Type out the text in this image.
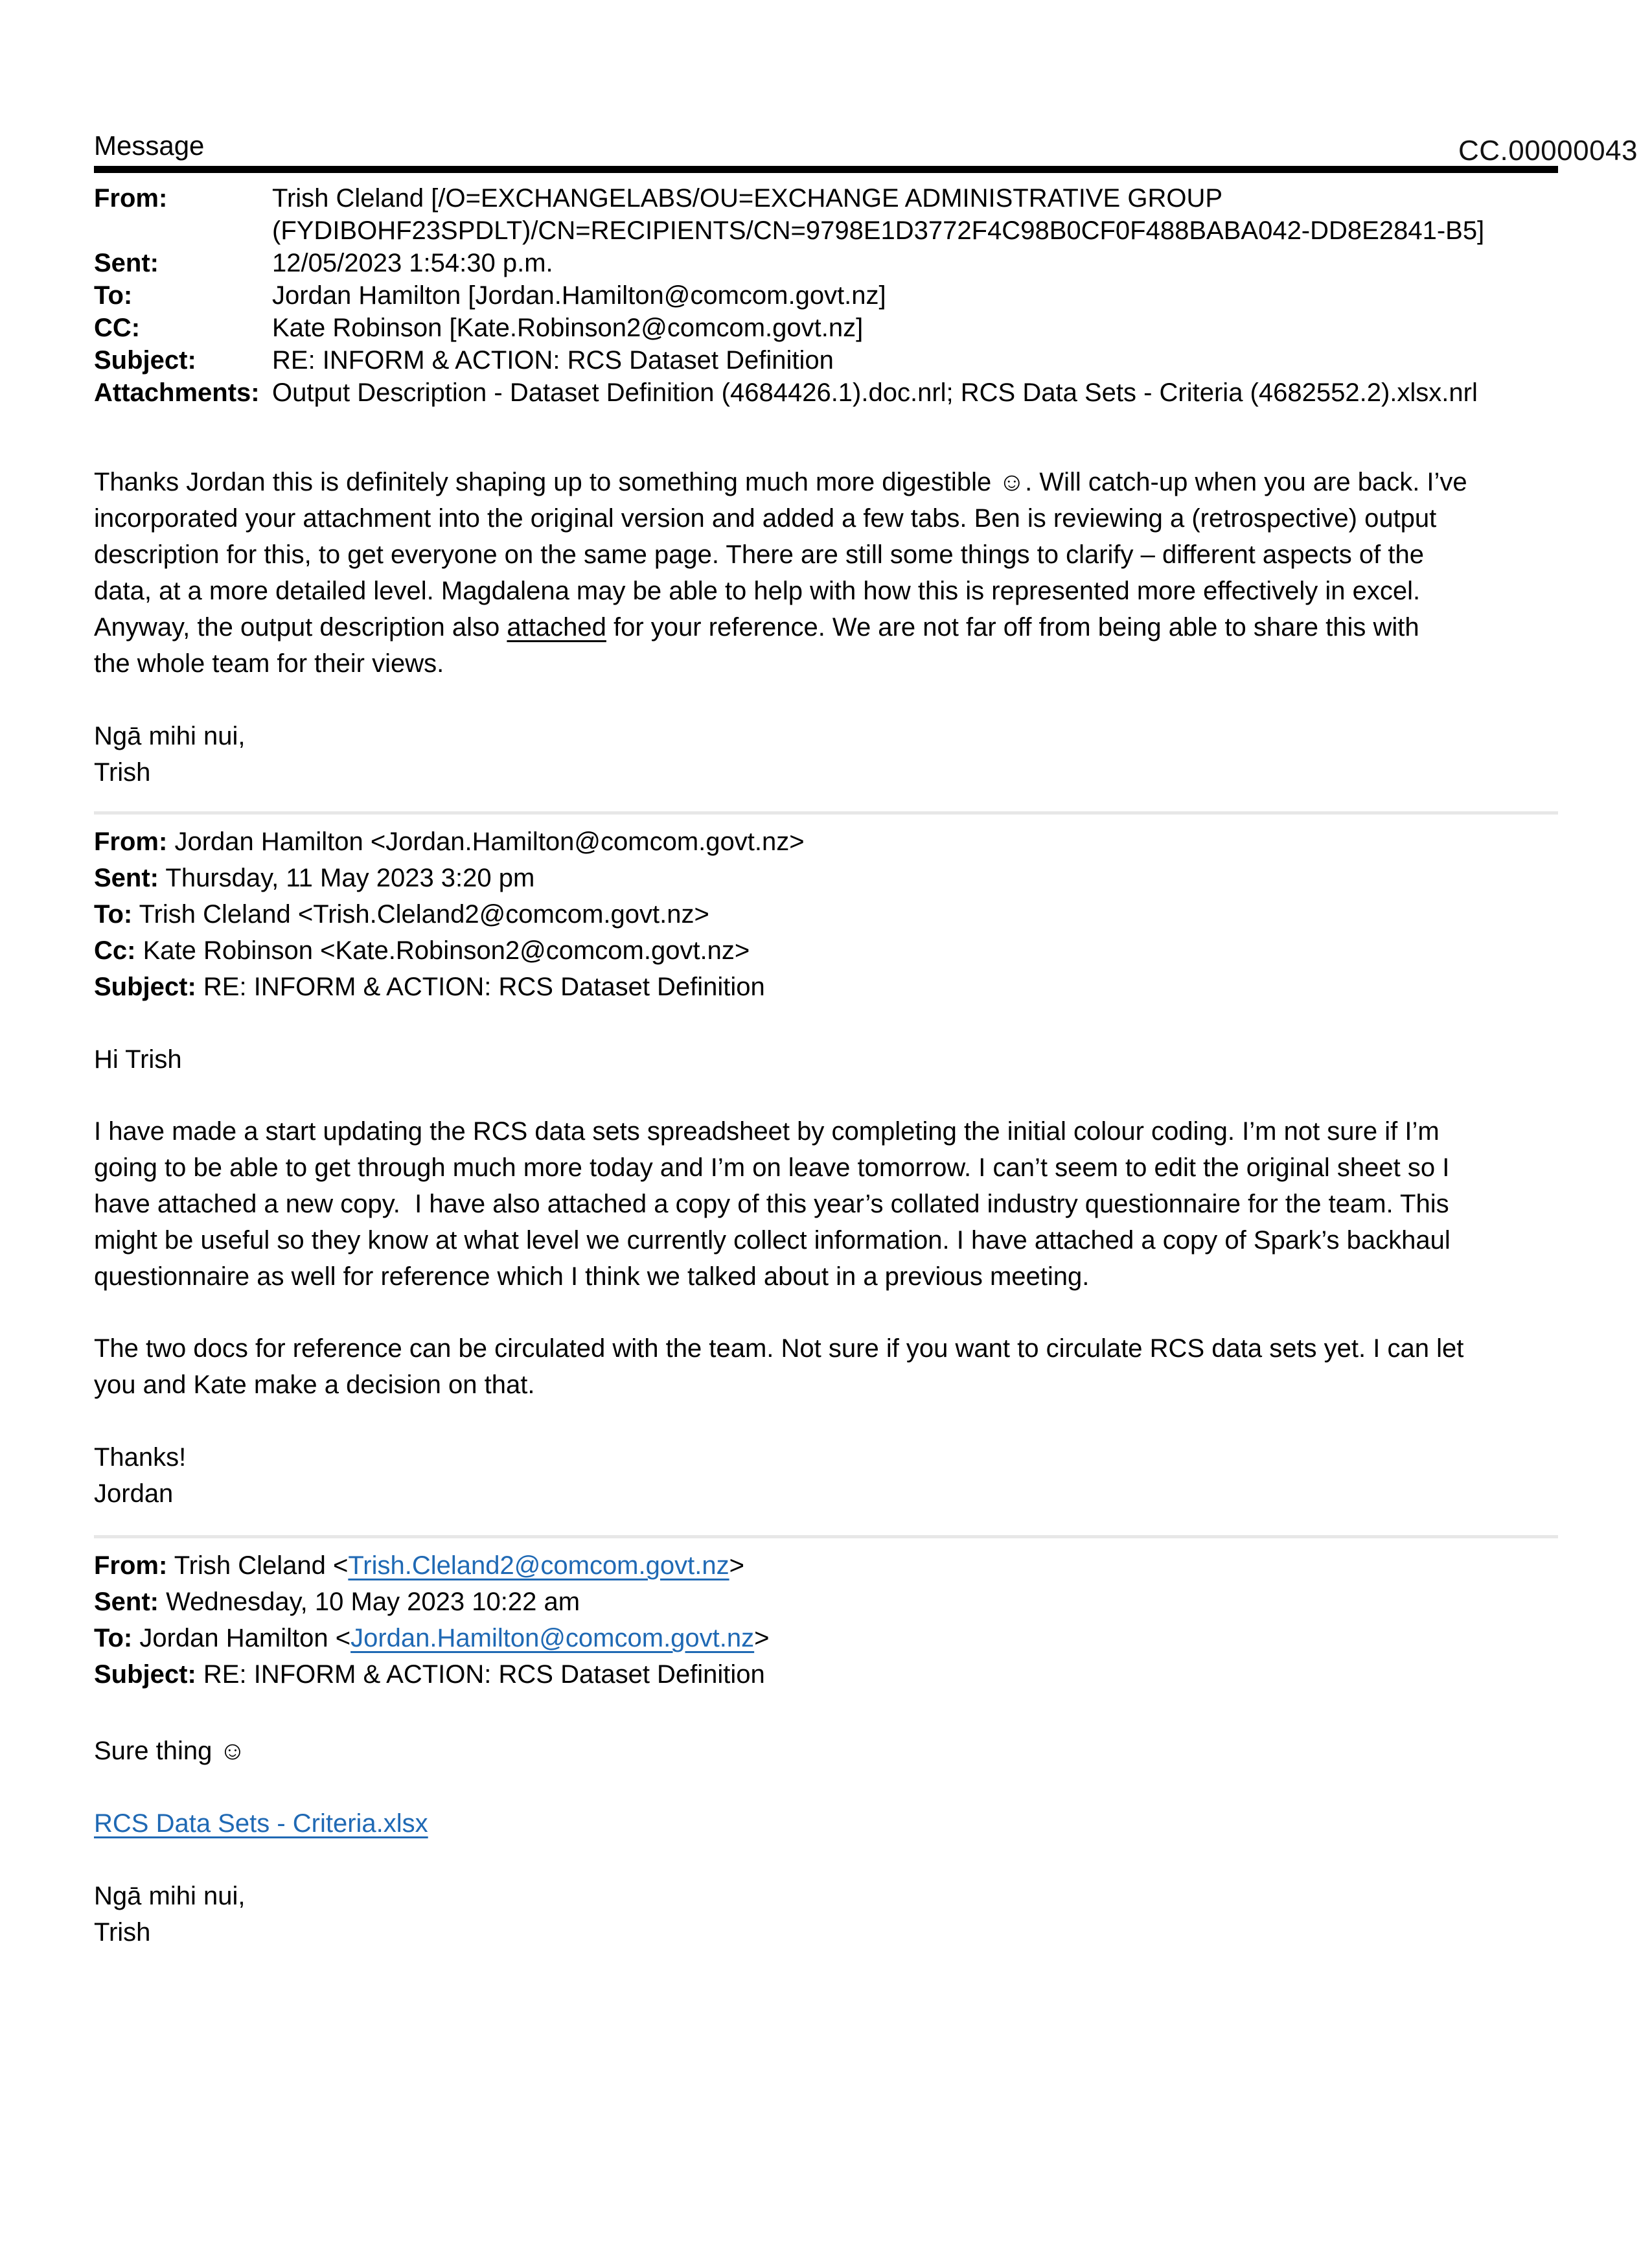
CC.00000043
Message
From:	Trish Cleland [/O=EXCHANGELABS/OU=EXCHANGE ADMINISTRATIVE GROUP
(FYDIBOHF23SPDLT)/CN=RECIPIENTS/CN=9798E1D3772F4C98B0CF0F488BABA042-DD8E2841-B5]
Sent:	12/05/2023 1:54:30 p.m.
To:	Jordan Hamilton [Jordan.Hamilton@comcom.govt.nz]
CC:	Kate Robinson [Kate.Robinson2@comcom.govt.nz]
Subject:	RE: INFORM & ACTION: RCS Dataset Definition
Attachments: Output Description - Dataset Definition (4684426.1).doc.nrl; RCS Data Sets - Criteria (4682552.2).xlsx.nrl
Thanks Jordan this is definitely shaping up to something much more digestible ☺. Will catch-up when you are back. I’ve
incorporated your attachment into the original version and added a few tabs. Ben is reviewing a (retrospective) output
description for this, to get everyone on the same page. There are still some things to clarify – different aspects of the
data, at a more detailed level. Magdalena may be able to help with how this is represented more effectively in excel.
Anyway, the output description also attached for your reference. We are not far off from being able to share this with
the whole team for their views.
Ngā mihi nui,
Trish
From: Jordan Hamilton <Jordan.Hamilton@comcom.govt.nz>
Sent: Thursday, 11 May 2023 3:20 pm
To: Trish Cleland <Trish.Cleland2@comcom.govt.nz>
Cc: Kate Robinson <Kate.Robinson2@comcom.govt.nz>
Subject: RE: INFORM & ACTION: RCS Dataset Definition
Hi Trish
I have made a start updating the RCS data sets spreadsheet by completing the initial colour coding. I’m not sure if I’m
going to be able to get through much more today and I’m on leave tomorrow. I can’t seem to edit the original sheet so I
have attached a new copy.  I have also attached a copy of this year’s collated industry questionnaire for the team. This
might be useful so they know at what level we currently collect information. I have attached a copy of Spark’s backhaul
questionnaire as well for reference which I think we talked about in a previous meeting.
The two docs for reference can be circulated with the team. Not sure if you want to circulate RCS data sets yet. I can let
you and Kate make a decision on that.
Thanks!
Jordan
From: Trish Cleland <Trish.Cleland2@comcom.govt.nz>
Sent: Wednesday, 10 May 2023 10:22 am
To: Jordan Hamilton <Jordan.Hamilton@comcom.govt.nz>
Subject: RE: INFORM & ACTION: RCS Dataset Definition
Sure thing ☺
RCS Data Sets - Criteria.xlsx
Ngā mihi nui,
Trish
